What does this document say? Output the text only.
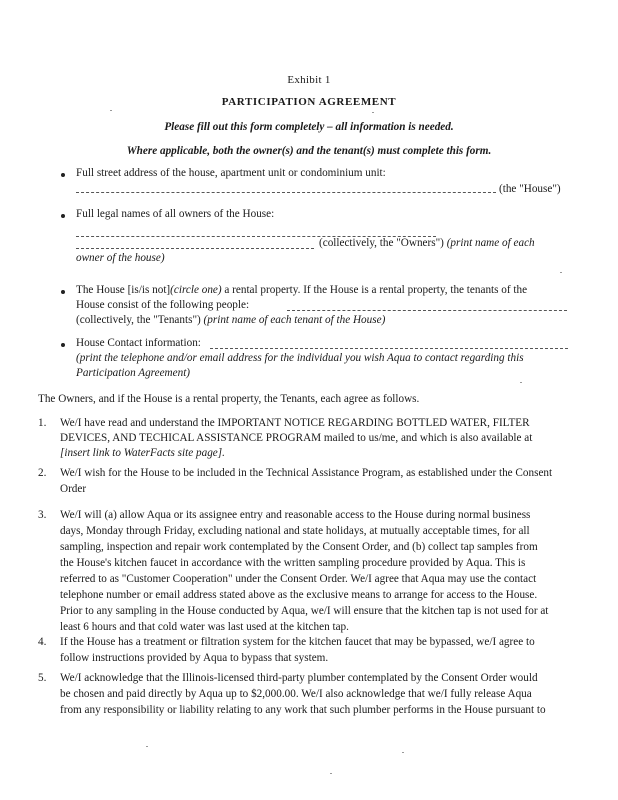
Exhibit 1
PARTICIPATION AGREEMENT
Please fill out this form completely – all information is needed.
Where applicable, both the owner(s) and the tenant(s) must complete this form.
Full street address of the house, apartment unit or condominium unit:
(the "House")
Full legal names of all owners of the House:
(collectively, the "Owners") (print name of each
owner of the house)
The House [is/is not](circle one) a rental property. If the House is a rental property, the tenants of the
House consist of the following people:
(collectively, the "Tenants") (print name of each tenant of the House)
House Contact information:
(print the telephone and/or email address for the individual you wish Aqua to contact regarding this
Participation Agreement)
The Owners, and if the House is a rental property, the Tenants, each agree as follows.
1. We/I have read and understand the IMPORTANT NOTICE REGARDING BOTTLED WATER, FILTER
DEVICES, AND TECHICAL ASSISTANCE PROGRAM mailed to us/me, and which is also available at
[insert link to WaterFacts site page].
2. We/I wish for the House to be included in the Technical Assistance Program, as established under the Consent
Order
3. We/I will (a) allow Aqua or its assignee entry and reasonable access to the House during normal business
days, Monday through Friday, excluding national and state holidays, at mutually acceptable times, for all
sampling, inspection and repair work contemplated by the Consent Order, and (b) collect tap samples from
the House's kitchen faucet in accordance with the written sampling procedure provided by Aqua. This is
referred to as "Customer Cooperation" under the Consent Order. We/I agree that Aqua may use the contact
telephone number or email address stated above as the exclusive means to arrange for access to the House.
Prior to any sampling in the House conducted by Aqua, we/I will ensure that the kitchen tap is not used for at
least 6 hours and that cold water was last used at the kitchen tap.
4. If the House has a treatment or filtration system for the kitchen faucet that may be bypassed, we/I agree to
follow instructions provided by Aqua to bypass that system.
5. We/I acknowledge that the Illinois-licensed third-party plumber contemplated by the Consent Order would
be chosen and paid directly by Aqua up to $2,000.00. We/I also acknowledge that we/I fully release Aqua
from any responsibility or liability relating to any work that such plumber performs in the House pursuant to
